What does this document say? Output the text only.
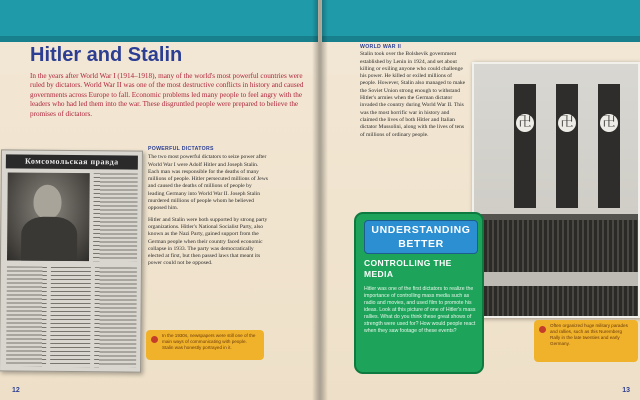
Hitler and Stalin

In the years after World War I (1914–1918), many of the world's most powerful countries were ruled by dictators. World War II was one of the most destructive conflicts in history and caused governments across Europe to fall. Economic problems led many people to feel angry with the leaders who had led them into the war. These disgruntled people were prepared to believe the promises of dictators.

Комсомольская правда
POWERFUL DICTATORS

The two most powerful dictators to seize power after World War I were Adolf Hitler and Joseph Stalin. Each man was responsible for the deaths of many millions of people. Hitler persecuted millions of Jews and caused the deaths of millions of people by leading Germany into World War II. Joseph Stalin murdered millions of people whom he believed opposed him.

Hitler and Stalin were both supported by strong party organizations. Hitler's National Socialist Party, also known as the Nazi Party, gained support from the German people when their country faced economic collapse in 1933. The party was democratically elected at first, but then passed laws that meant its power could not be opposed.

In the 1930s, newspapers were still one of the main ways of communicating with people. Stalin was honestly portrayed in it.

12
WORLD WAR II

Stalin took over the Bolshevik government established by Lenin in 1924, and set about killing or exiling anyone who could challenge his power. He killed or exiled millions of people. However, Stalin also managed to make the Soviet Union strong enough to withstand Hitler's armies when the German dictator invaded the country during World War II. This was the most horrific war in history and claimed the lives of both Hitler and Italian dictator Mussolini, along with the lives of tens of millions of ordinary people.

卍 卍 卍
UNDERSTANDING
BETTER
CONTROLLING THE MEDIA

Hitler was one of the first dictators to realize the importance of controlling mass media such as radio and movies, and used film to promote his ideas. Look at this picture of one of Hitler's mass rallies. What do you think these great shows of strength were used for? How would people react when they saw footage of these events?

Often organized huge military parades and rallies, such as this Nuremberg Rally in the late twenties and early Germany.

13
